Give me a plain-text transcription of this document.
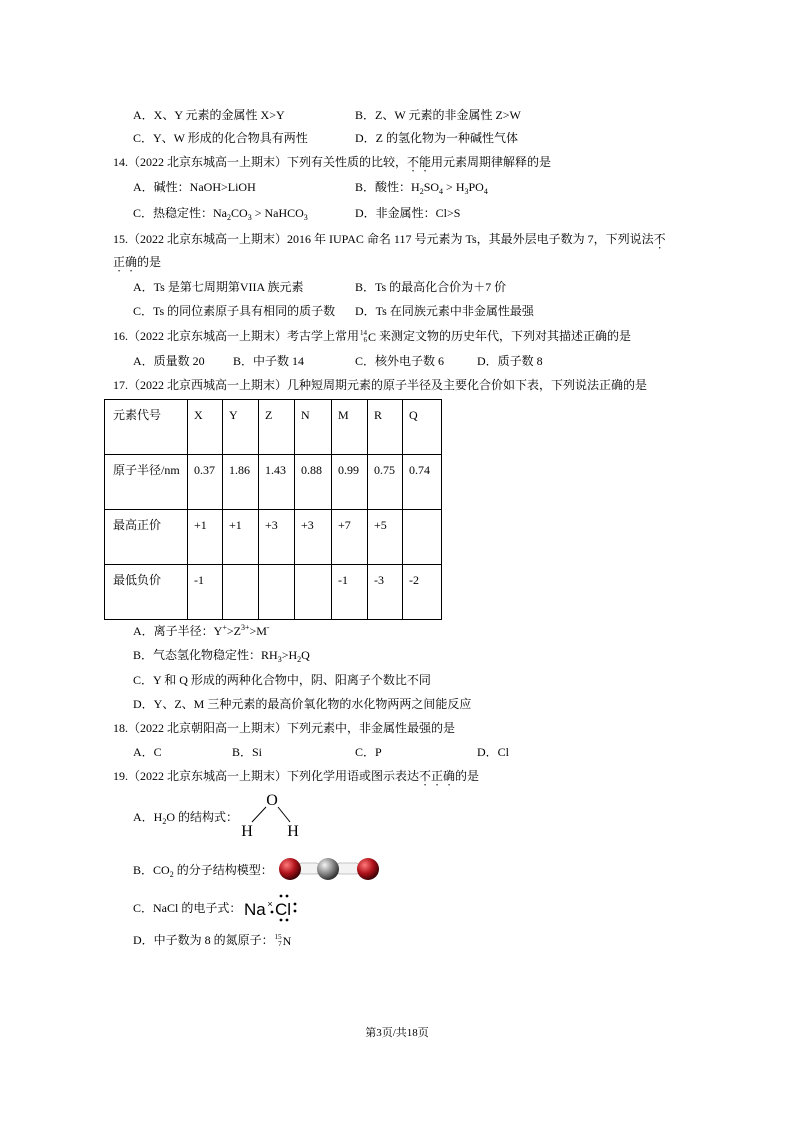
A．X、Y 元素的金属性 X>Y	B．Z、W 元素的非金属性 Z>W
C．Y、W 形成的化合物具有两性	D．Z 的氢化物为一种碱性气体
14.（2022 北京东城高一上期末）下列有关性质的比较，不能用元素周期律解释的是
A．碱性：NaOH>LiOH	B．酸性：$H_2SO_4 > H_3PO_4$
C．热稳定性：$Na_2CO_3$ > NaHCO$_3$	D．非金属性：Cl>S
15.（2022 北京东城高一上期末）2016 年 IUPAC 命名 117 号元素为 Ts，其最外层电子数为 7，下列说法不
正确的是
A．Ts 是第七周期第VIIA 族元素	B．Ts 的最高化合价为＋7 价
C．Ts 的同位素原子具有相同的质子数 D．Ts 在同族元素中非金属性最强
16.（2022 北京东城高一上期末）考古学上常用 14
6 C 来测定文物的历史年代，下列对其描述正确的是
A．质量数 20 B．中子数 14	C．核外电子数 6	D．质子数 8
17.（2022 北京西城高一上期末）几种短周期元素的原子半径及主要化合价如下表，下列说法正确的是
元素代号	X	Y	Z	N	M	R	Q
原子半径/nm	0.37	1.86	1.43	0.88	0.99	0.75	0.74
最高正价	+1	+1	+3	+3	+7	+5	
最低负价	-1				-1	-3	-2
A．离子半径：$Y^+>Z^{3+}>M^-$
B．气态氢化物稳定性：$RH_3>H_2Q$
C．Y 和 Q 形成的两种化合物中，阴、阳离子个数比不同
D．Y、Z、M 三种元素的最高价氧化物的水化物两两之间能反应
18.（2022 北京朝阳高一上期末）下列元素中，非金属性最强的是
A．C	B．Si	C．P	D．Cl
19.（2022 北京东城高一上期末）下列化学用语或图示表达不正确的是
A．$H_2O$ 的结构式：
O
H H
B．$CO_2$ 的分子结构模型：
C．NaCl 的电子式： Na × Cl
D．中子数为 8 的氮原子： 15
7 N
第3页/共18页
